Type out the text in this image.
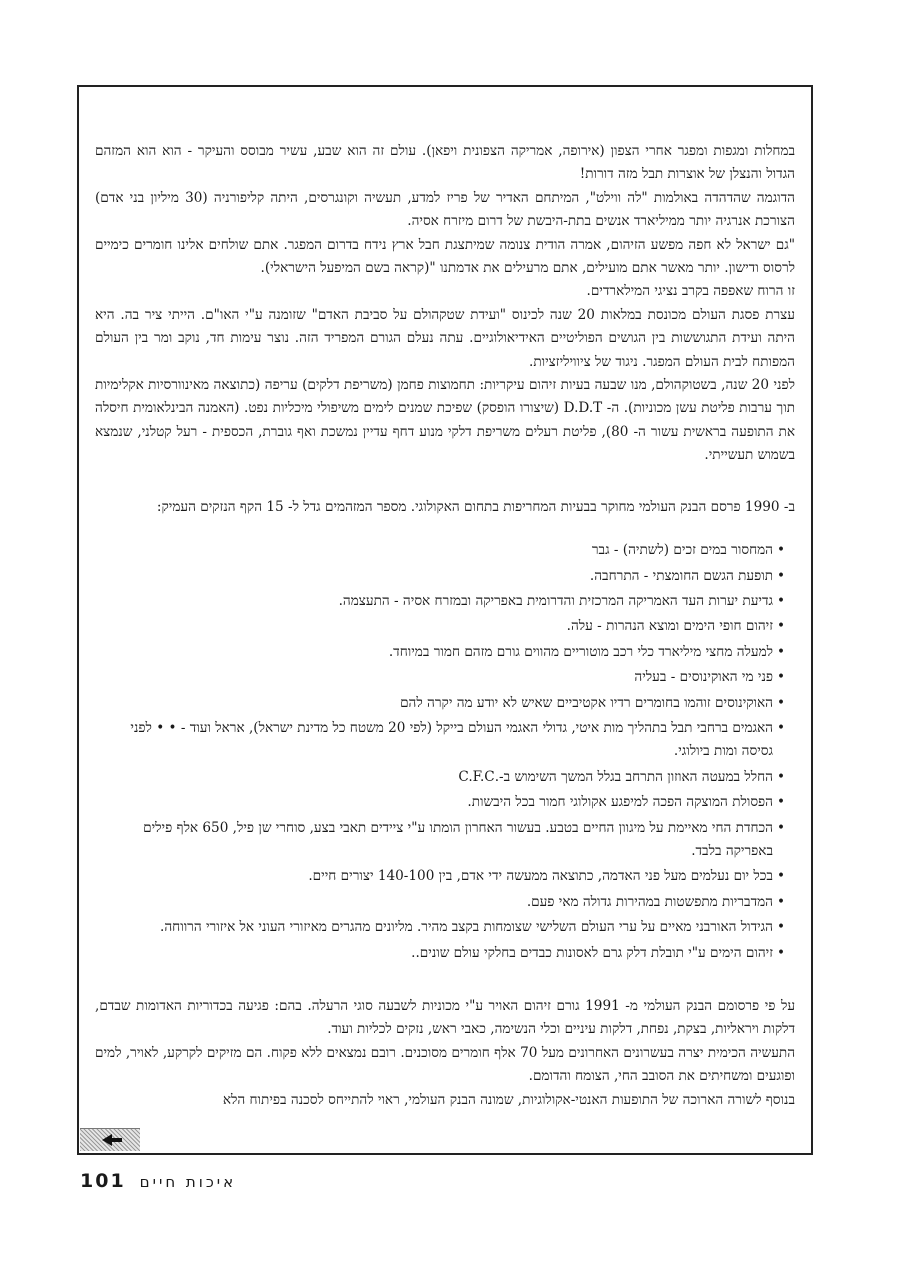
במחלות ומגפות ומפגר אחרי הצפון (אירופה, אמריקה הצפונית ויפאן). עולם זה הוא שבע, עשיר מבוסס והעיקר - הוא הוא המזהם הגדול והנצלן של אוצרות תבל מזה דורות!

הדוגמה שהדהדה באולמות "לה ווילט", המיתחם האדיר של פריז למדע, תעשיה וקונגרסים, היתה קליפורניה (30 מיליון בני אדם) הצורכת אנרגיה יותר ממיליארד אנשים בתת-היבשת של דרום מיזרח אסיה.

"גם ישראל לא חפה מפשע הזיהום, אמרה הודית צנומה שמיתצגת חבל ארץ נידח בדרום המפגר. אתם שולחים אלינו חומרים כימיים לרסוס ודישון. יותר מאשר אתם מועילים, אתם מרעילים את אדמתנו "(קראה בשם המיפעל הישראלי).

זו הרוח שאפפה בקרב נציגי המילארדים.

עצרת פסגת העולם מכונסת במלאות 20 שנה לכינוס "ועידת שטקהולם על סביבת האדם" שזומנה ע"י האו"ם. הייתי ציר בה. היא היתה ועידת התגוששות בין הגושים הפוליטיים האידיאולוגיים. עתה נעלם הגורם המפריד הזה. נוצר עימות חד, נוקב ומר בין העולם המפותח לבית העולם המפגר. ניגוד של ציוויליזציות.

לפני 20 שנה, בשטוקהולם, מנו שבעה בעיות זיהום עיקריות: תחמוצות פחמן (משריפת דלקים) עריפה (כתוצאה מאינוורסיות אקלימיות תוך ערבות פליטת עשן מכוניות). ה- D.D.T (שיצורו הופסק) שפיכת שמנים לימים משיפולי מיכליות נפט. (האמנה הבינלאומית חיסלה את התופעה בראשית עשור ה- 80), פליטת רעלים משריפת דלקי מנוע דחף עדיין נמשכת ואף גוברת, הכספית - רעל קטלני, שנמצא בשמוש תעשייתי.

ב- 1990 פרסם הבנק העולמי מחוקר בבעיות המחריפות בתחום האקולוגי. מספר המזהמים גדל ל- 15 הקף הנזקים העמיק:

• המחסור במים זכים (לשתיה) - גבר
• תופעת הגשם החומצתי - התרחבה.
• גדיעת יערות העד האמריקה המרכזית והדרומית באפריקה ובמזרח אסיה - התעצמה.
• זיהום חופי הימים ומוצא הנהרות - עלה.
• למעלה מחצי מיליארד כלי רכב מוטוריים מהווים גורם מזהם חמור במיוחד.
• פני מי האוקינוסים - בעליה
• האוקינוסים זוהמו בחומרים רדיו אקטיביים שאיש לא יודע מה יקרה להם
• האגמים ברחבי תבל בתהליך מות איטי, גדולי האגמי העולם בייקל (לפי 20 משטח כל מדינת ישראל), אראל ועוד - • • לפני גסיסה ומות ביולוגי.
• החלל במעטה האוזון התרחב בגלל המשך השימוש ב-.C.F.C
• הפסולת המוצקה הפכה למיפגע אקולוגי חמור בכל היבשות.
• הכחדת החי מאיימת על מיגוון החיים בטבע. בעשור האחרון הומתו ע"י ציידים תאבי בצע, סוחרי שן פיל, 650 אלף פילים באפריקה בלבד.
• בכל יום נעלמים מעל פני האדמה, כתוצאה ממעשה ידי אדם, בין 140-100 יצורים חיים.
• המדבריות מתפשטות במהירות גדולה מאי פעם.
• הגידול האורבני מאיים על ערי העולם השלישי שצומחות בקצב מהיר. מליונים מהגרים מאיזורי העוני אל איזורי הרווחה.
• זיהום הימים ע"י תובלת דלק גרם לאסונות כבדים בחלקי עולם שונים..

על פי פרסומם הבנק העולמי מ- 1991 גורם זיהום האויר ע"י מכוניות לשבעה סוגי הרעלה. בהם: פגיעה בכדוריות האדומות שבדם, דלקות ויראליות, בצקת, נפחת, דלקות עיניים וכלי הנשימה, כאבי ראש, נזקים לכליות ועוד.

התעשיה הכימית יצרה בעשרונים האחרונים מעל 70 אלף חומרים מסוכנים. רובם נמצאים ללא פקוח. הם מזיקים לקרקע, לאויר, למים ופוגעים ומשחיתים את הסובב החי, הצומח והדומם.

בנוסף לשורה הארוכה של התופעות האנטי-אקולוגיות, שמונה הבנק העולמי, ראוי להתייחס לסכנה בפיתוח הלא

101 איכות חיים
